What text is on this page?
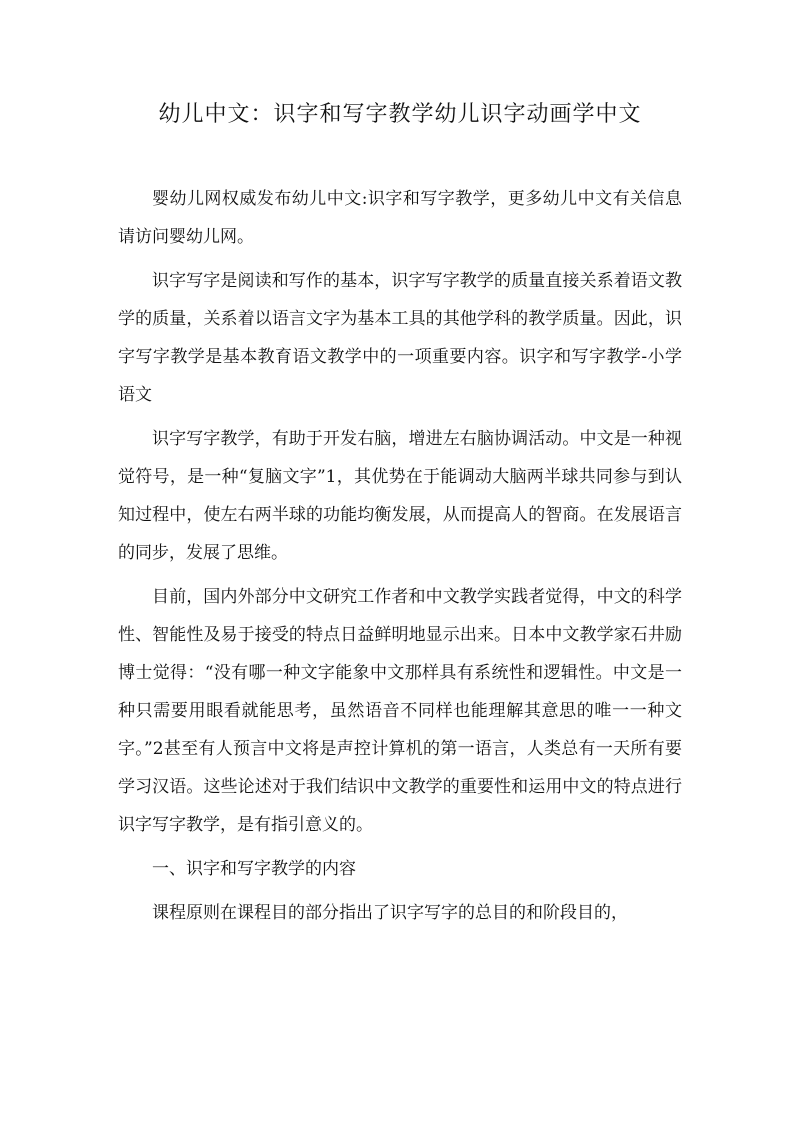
幼儿中文：识字和写字教学幼儿识字动画学中文

婴幼儿网权威发布幼儿中文:识字和写字教学，更多幼儿中文有关信息请访问婴幼儿网。

识字写字是阅读和写作的基本，识字写字教学的质量直接关系着语文教学的质量，关系着以语言文字为基本工具的其他学科的教学质量。因此，识字写字教学是基本教育语文教学中的一项重要内容。识字和写字教学-小学语文

识字写字教学，有助于开发右脑，增进左右脑协调活动。中文是一种视觉符号，是一种“复脑文字”1，其优势在于能调动大脑两半球共同参与到认知过程中，使左右两半球的功能均衡发展，从而提高人的智商。在发展语言的同步，发展了思维。

目前，国内外部分中文研究工作者和中文教学实践者觉得，中文的科学性、智能性及易于接受的特点日益鲜明地显示出来。日本中文教学家石井励博士觉得：“没有哪一种文字能象中文那样具有系统性和逻辑性。中文是一种只需要用眼看就能思考，虽然语音不同样也能理解其意思的唯一一种文字。”2甚至有人预言中文将是声控计算机的第一语言，人类总有一天所有要学习汉语。这些论述对于我们结识中文教学的重要性和运用中文的特点进行识字写字教学，是有指引意义的。

一、识字和写字教学的内容

课程原则在课程目的部分指出了识字写字的总目的和阶段目的，
